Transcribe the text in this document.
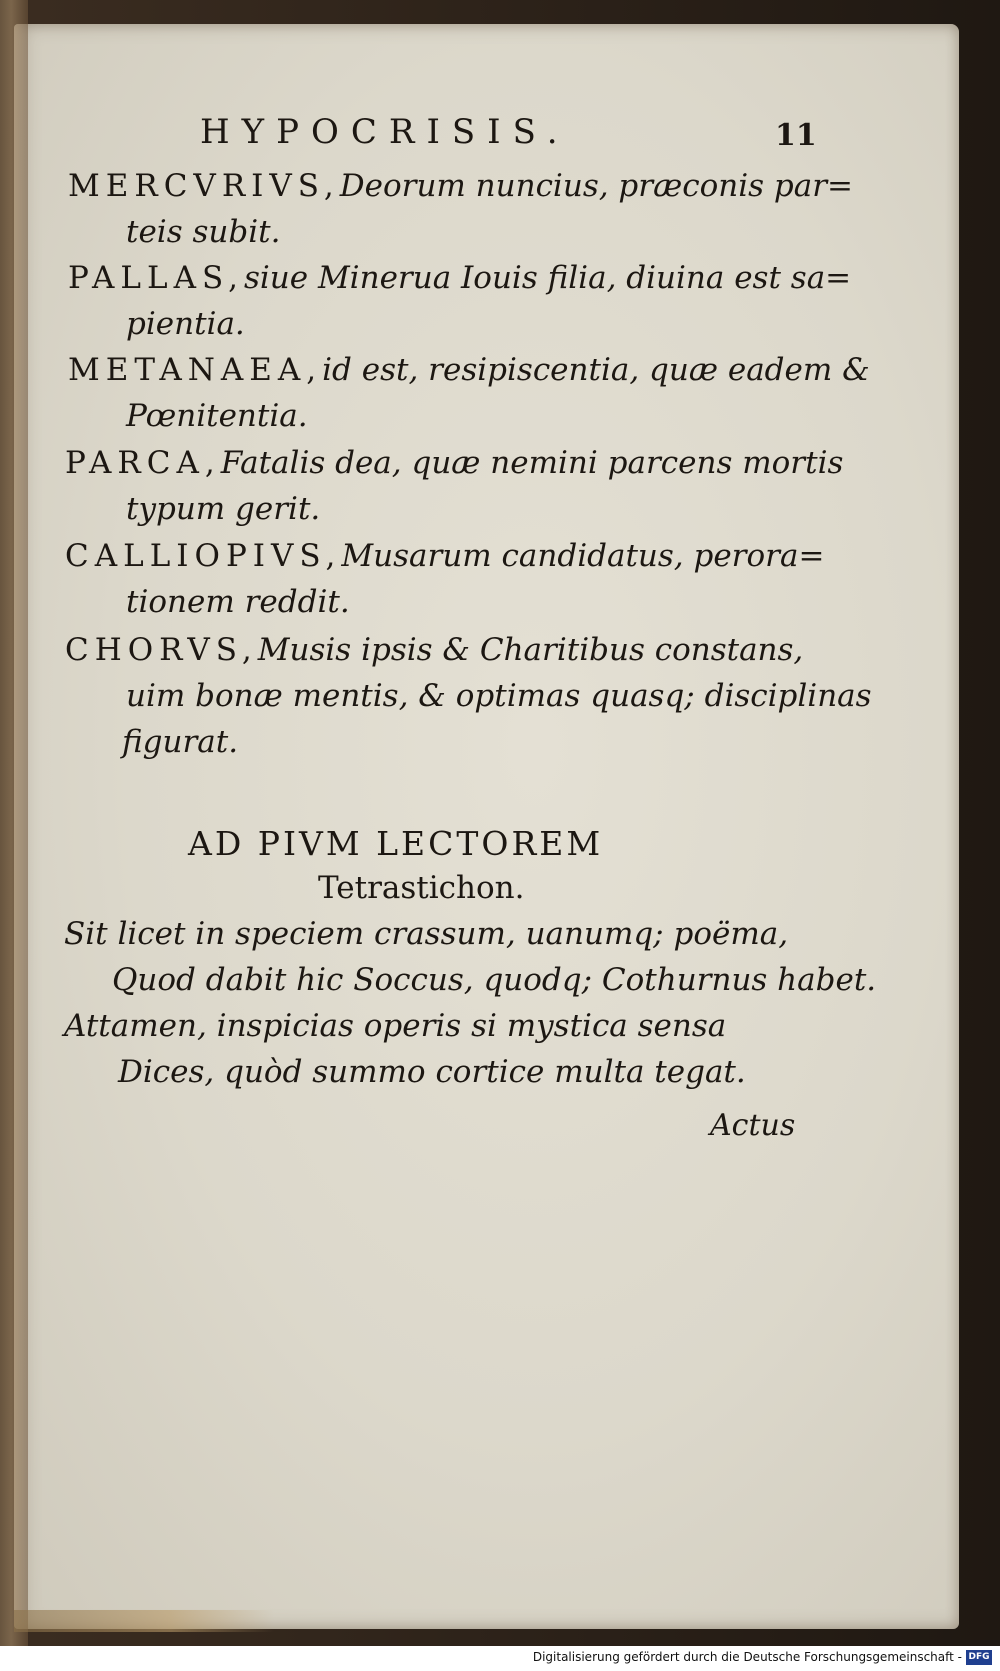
HYPOCRISIS.	11
MERCVRIVS,Deorum nuncius, præconis par=
teis subit.
PALLAS,siue Minerua Iouis filia, diuina est sa=
pientia.
METANAEA,id est, resipiscentia, quæ eadem &
Pœnitentia.
PARCA,Fatalis dea, quæ nemini parcens mortis
typum gerit.
CALLIOPIVS,Musarum candidatus, perora=
tionem reddit.
CHORVS,Musis ipsis & Charitibus constans,
uim bonæ mentis, & optimas quasq; disciplinas
figurat.
AD PIVM LECTOREM
Tetrastichon.
Sit licet in speciem crassum, uanumq; poëma,
Quod dabit hic Soccus, quodq; Cothurnus habet.
Attamen, inspicias operis si mystica sensa
Dices, quòd summo cortice multa tegat.
Actus
Digitalisierung gefördert durch die Deutsche Forschungsgemeinschaft - DFG
